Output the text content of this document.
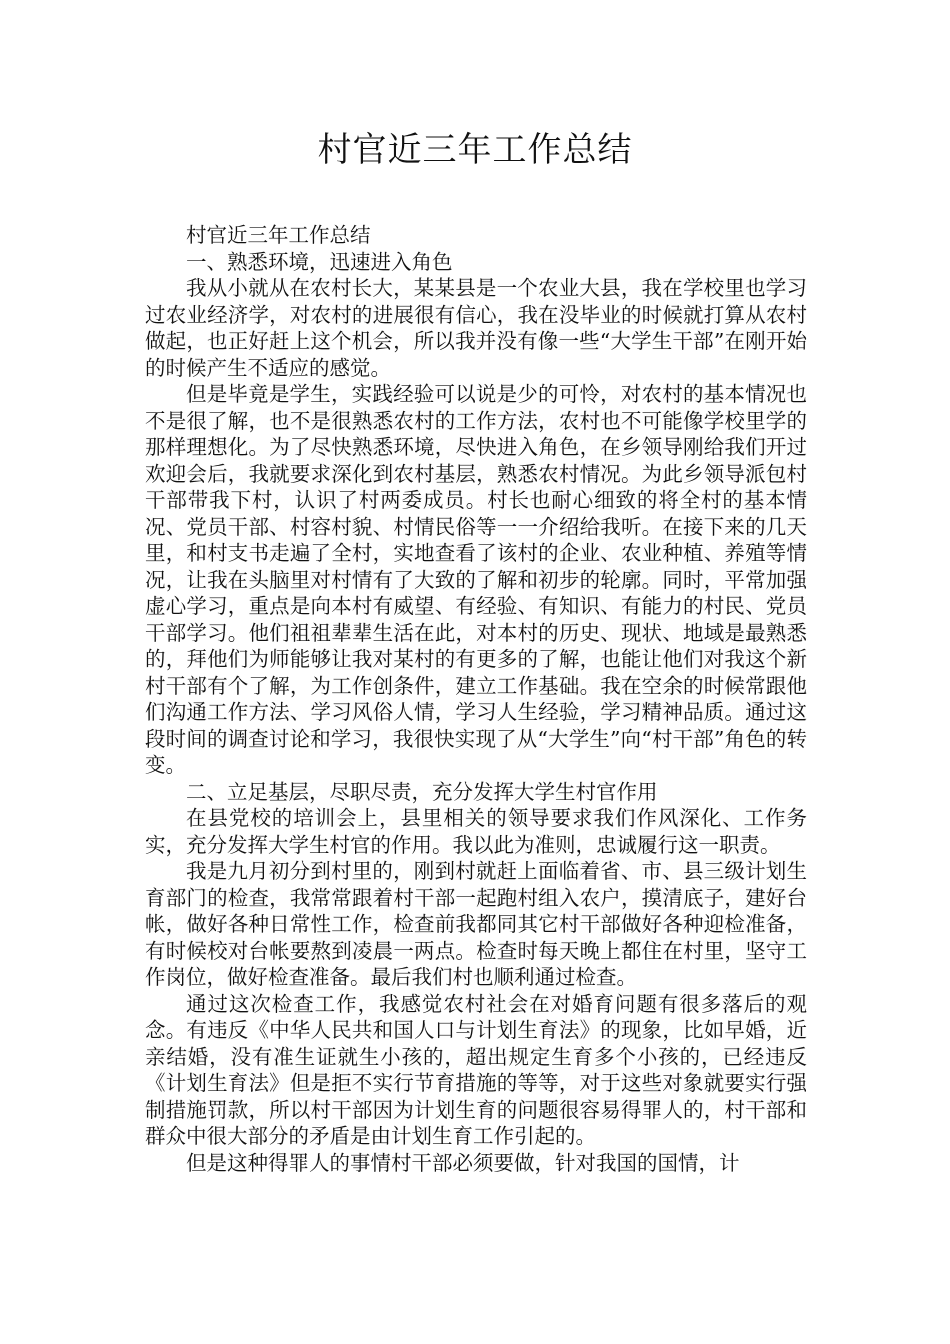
村官近三年工作总结

村官近三年工作总结

一、熟悉环境，迅速进入角色

我从小就从在农村长大，某某县是一个农业大县，我在学校里也学习过农业经济学，对农村的进展很有信心，我在没毕业的时候就打算从农村做起，也正好赶上这个机会，所以我并没有像一些“大学生干部”在刚开始的时候产生不适应的感觉。

但是毕竟是学生，实践经验可以说是少的可怜，对农村的基本情况也不是很了解，也不是很熟悉农村的工作方法，农村也不可能像学校里学的那样理想化。为了尽快熟悉环境，尽快进入角色，在乡领导刚给我们开过欢迎会后，我就要求深化到农村基层，熟悉农村情况。为此乡领导派包村干部带我下村，认识了村两委成员。村长也耐心细致的将全村的基本情况、党员干部、村容村貌、村情民俗等一一介绍给我听。在接下来的几天里，和村支书走遍了全村，实地查看了该村的企业、农业种植、养殖等情况，让我在头脑里对村情有了大致的了解和初步的轮廓。同时，平常加强虚心学习，重点是向本村有威望、有经验、有知识、有能力的村民、党员干部学习。他们祖祖辈辈生活在此，对本村的历史、现状、地域是最熟悉的，拜他们为师能够让我对某村的有更多的了解，也能让他们对我这个新村干部有个了解，为工作创条件，建立工作基础。我在空余的时候常跟他们沟通工作方法、学习风俗人情，学习人生经验，学习精神品质。通过这段时间的调查讨论和学习，我很快实现了从“大学生”向“村干部”角色的转变。

二、立足基层，尽职尽责，充分发挥大学生村官作用

在县党校的培训会上，县里相关的领导要求我们作风深化、工作务实，充分发挥大学生村官的作用。我以此为准则，忠诚履行这一职责。

我是九月初分到村里的，刚到村就赶上面临着省、市、县三级计划生育部门的检查，我常常跟着村干部一起跑村组入农户，摸清底子，建好台帐，做好各种日常性工作，检查前我都同其它村干部做好各种迎检准备，有时候校对台帐要熬到凌晨一两点。检查时每天晚上都住在村里，坚守工作岗位，做好检查准备。最后我们村也顺利通过检查。

通过这次检查工作，我感觉农村社会在对婚育问题有很多落后的观念。有违反《中华人民共和国人口与计划生育法》的现象，比如早婚，近亲结婚，没有准生证就生小孩的，超出规定生育多个小孩的，已经违反《计划生育法》但是拒不实行节育措施的等等，对于这些对象就要实行强制措施罚款，所以村干部因为计划生育的问题很容易得罪人的，村干部和群众中很大部分的矛盾是由计划生育工作引起的。

但是这种得罪人的事情村干部必须要做，针对我国的国情，计
